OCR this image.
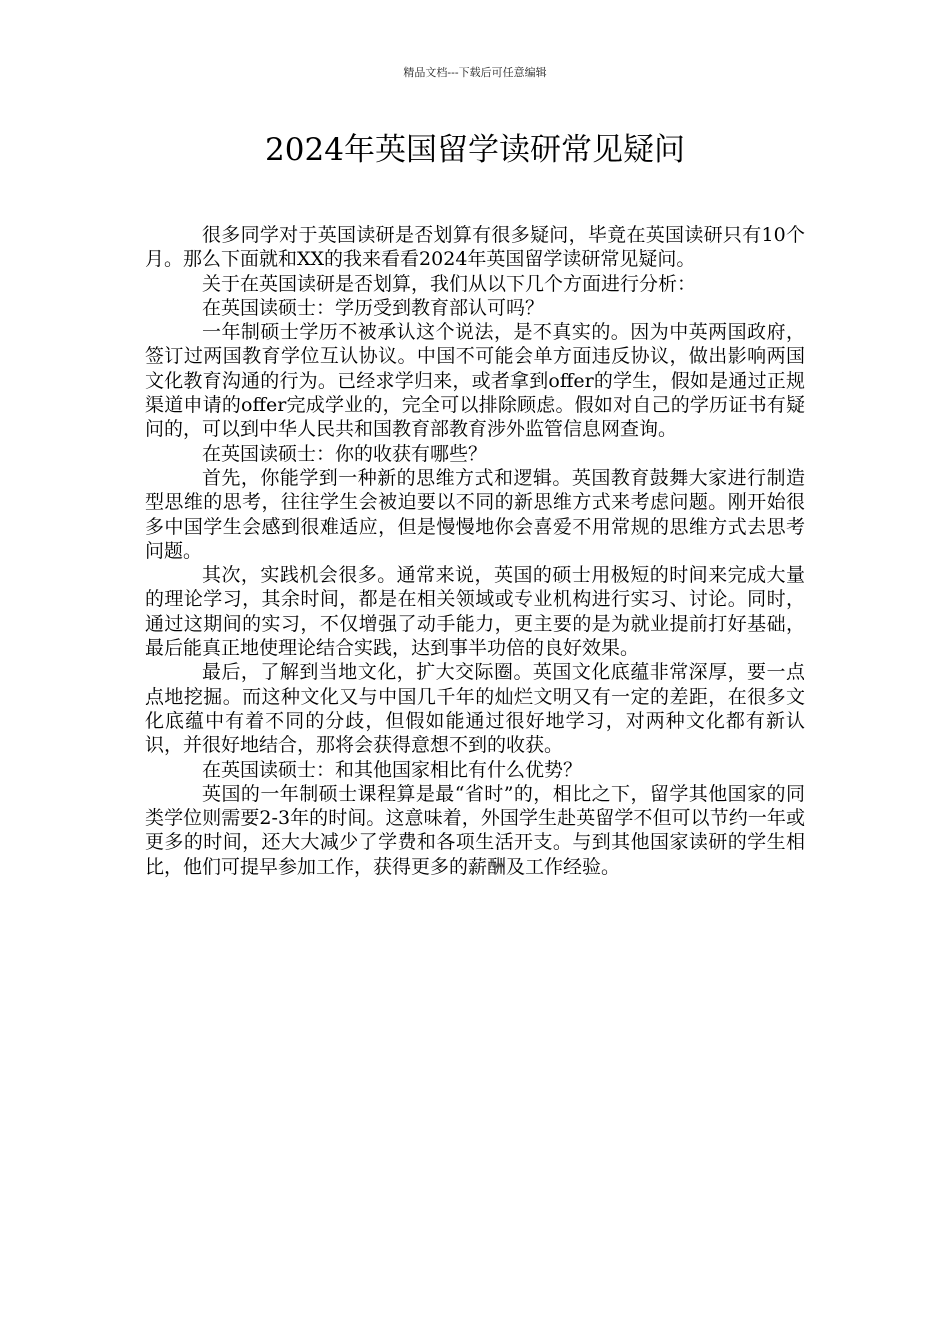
精品文档---下载后可任意编辑
2024年英国留学读研常见疑问

很多同学对于英国读研是否划算有很多疑问，毕竟在英国读研只有10个月。那么下面就和XX的我来看看2024年英国留学读研常见疑问。

关于在英国读研是否划算，我们从以下几个方面进行分析：

在英国读硕士：学历受到教育部认可吗？

一年制硕士学历不被承认这个说法，是不真实的。因为中英两国政府，签订过两国教育学位互认协议。中国不可能会单方面违反协议，做出影响两国文化教育沟通的行为。已经求学归来，或者拿到offer的学生，假如是通过正规渠道申请的offer完成学业的，完全可以排除顾虑。假如对自己的学历证书有疑问的，可以到中华人民共和国教育部教育涉外监管信息网查询。

在英国读硕士：你的收获有哪些？

首先，你能学到一种新的思维方式和逻辑。英国教育鼓舞大家进行制造型思维的思考，往往学生会被迫要以不同的新思维方式来考虑问题。刚开始很多中国学生会感到很难适应，但是慢慢地你会喜爱不用常规的思维方式去思考问题。

其次，实践机会很多。通常来说，英国的硕士用极短的时间来完成大量的理论学习，其余时间，都是在相关领域或专业机构进行实习、讨论。同时，通过这期间的实习，不仅增强了动手能力，更主要的是为就业提前打好基础，最后能真正地使理论结合实践，达到事半功倍的良好效果。

最后，了解到当地文化，扩大交际圈。英国文化底蕴非常深厚，要一点点地挖掘。而这种文化又与中国几千年的灿烂文明又有一定的差距，在很多文化底蕴中有着不同的分歧，但假如能通过很好地学习，对两种文化都有新认识，并很好地结合，那将会获得意想不到的收获。

在英国读硕士：和其他国家相比有什么优势？

英国的一年制硕士课程算是最“省时”的，相比之下，留学其他国家的同类学位则需要2-3年的时间。这意味着，外国学生赴英留学不但可以节约一年或更多的时间，还大大减少了学费和各项生活开支。与到其他国家读研的学生相比，他们可提早参加工作，获得更多的薪酬及工作经验。
